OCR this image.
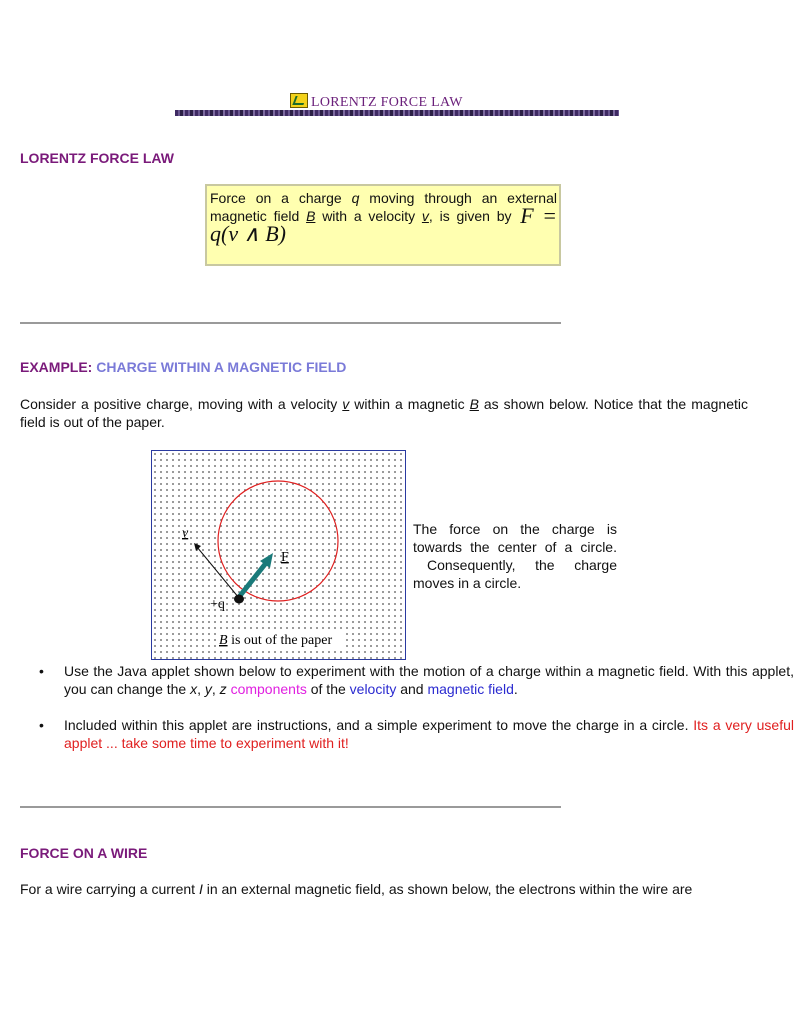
LORENTZ FORCE LAW
LORENTZ FORCE LAW
Force on a charge q moving through an external magnetic field B with a velocity v, is given by F = q(v ∧ B)
EXAMPLE: CHARGE WITHIN A MAGNETIC FIELD
Consider a positive charge, moving with a velocity v within a magnetic B as shown below. Notice that the magnetic field is out of the paper.
v
F
+q
B is out of the paper
The force on the charge is towards the center of a circle. Consequently, the charge moves in a circle.
• Use the Java applet shown below to experiment with the motion of a charge within a magnetic field. With this applet, you can change the x, y, z components of the velocity and magnetic field.
• Included within this applet are instructions, and a simple experiment to move the charge in a circle. Its a very useful applet ... take some time to experiment with it!
FORCE ON A WIRE
For a wire carrying a current I in an external magnetic field, as shown below, the electrons within the wire are
